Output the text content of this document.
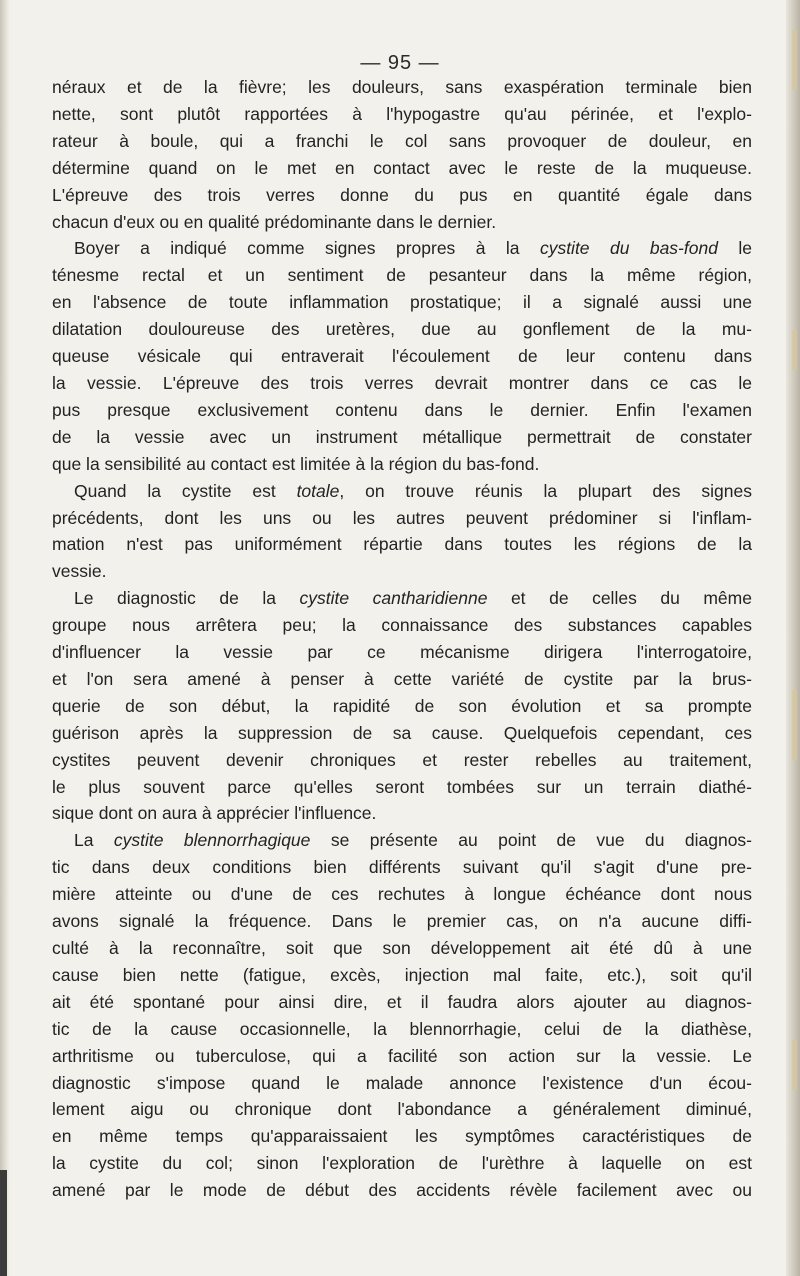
— 95 —
néraux et de la fièvre; les douleurs, sans exaspération terminale bien
nette, sont plutôt rapportées à l'hypogastre qu'au périnée, et l'explo-
rateur à boule, qui a franchi le col sans provoquer de douleur, en
détermine quand on le met en contact avec le reste de la muqueuse.
L'épreuve des trois verres donne du pus en quantité égale dans
chacun d'eux ou en qualité prédominante dans le dernier.
Boyer a indiqué comme signes propres à la cystite du bas-fond le
ténesme rectal et un sentiment de pesanteur dans la même région,
en l'absence de toute inflammation prostatique; il a signalé aussi une
dilatation douloureuse des uretères, due au gonflement de la mu-
queuse vésicale qui entraverait l'écoulement de leur contenu dans
la vessie. L'épreuve des trois verres devrait montrer dans ce cas le
pus presque exclusivement contenu dans le dernier. Enfin l'examen
de la vessie avec un instrument métallique permettrait de constater
que la sensibilité au contact est limitée à la région du bas-fond.
Quand la cystite est totale, on trouve réunis la plupart des signes
précédents, dont les uns ou les autres peuvent prédominer si l'inflam-
mation n'est pas uniformément répartie dans toutes les régions de la
vessie.
Le diagnostic de la cystite cantharidienne et de celles du même
groupe nous arrêtera peu; la connaissance des substances capables
d'influencer la vessie par ce mécanisme dirigera l'interrogatoire,
et l'on sera amené à penser à cette variété de cystite par la brus-
querie de son début, la rapidité de son évolution et sa prompte
guérison après la suppression de sa cause. Quelquefois cependant, ces
cystites peuvent devenir chroniques et rester rebelles au traitement,
le plus souvent parce qu'elles seront tombées sur un terrain diathé-
sique dont on aura à apprécier l'influence.
La cystite blennorrhagique se présente au point de vue du diagnos-
tic dans deux conditions bien différents suivant qu'il s'agit d'une pre-
mière atteinte ou d'une de ces rechutes à longue échéance dont nous
avons signalé la fréquence. Dans le premier cas, on n'a aucune diffi-
culté à la reconnaître, soit que son développement ait été dû à une
cause bien nette (fatigue, excès, injection mal faite, etc.), soit qu'il
ait été spontané pour ainsi dire, et il faudra alors ajouter au diagnos-
tic de la cause occasionnelle, la blennorrhagie, celui de la diathèse,
arthritisme ou tuberculose, qui a facilité son action sur la vessie. Le
diagnostic s'impose quand le malade annonce l'existence d'un écou-
lement aigu ou chronique dont l'abondance a généralement diminué,
en même temps qu'apparaissaient les symptômes caractéristiques de
la cystite du col; sinon l'exploration de l'urèthre à laquelle on est
amené par le mode de début des accidents révèle facilement avec ou
